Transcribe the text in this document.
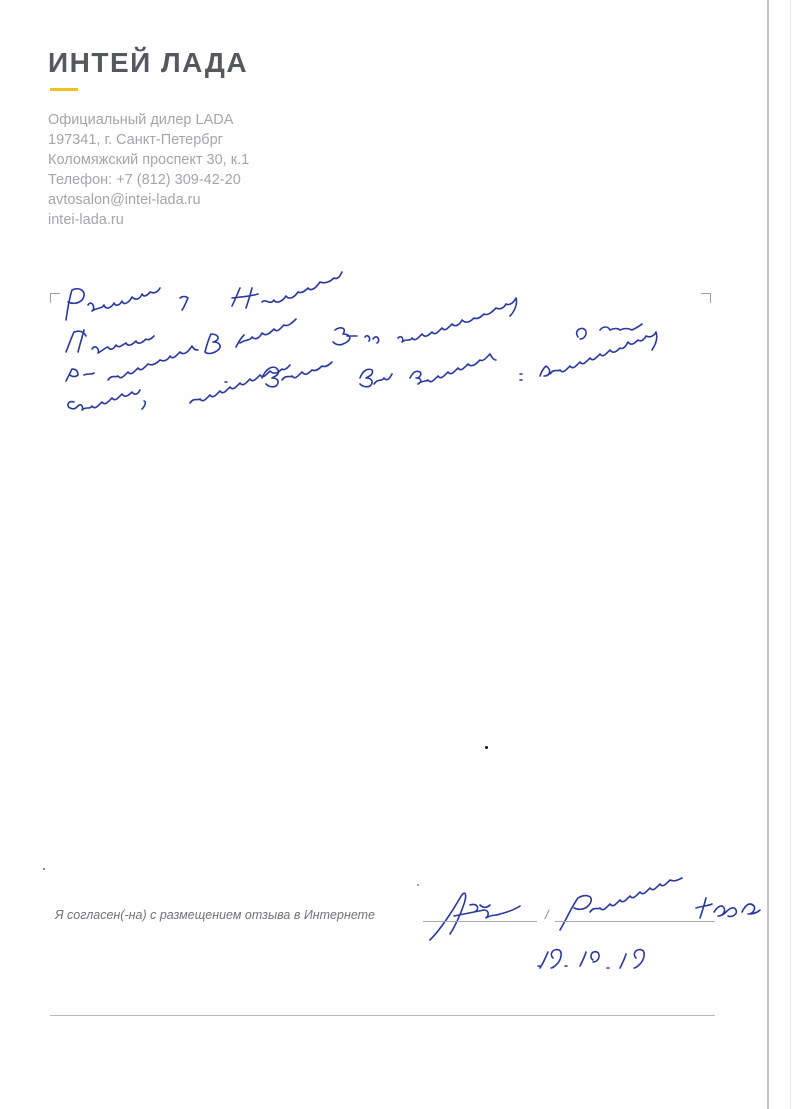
ИНТЕЙ ЛАДА
Официальный дилер LADA
197341, г. Санкт-Петербрг
Коломяжский проспект 30, к.1
Телефон: +7 (812) 309-42-20
avtosalon@intei-lada.ru
intei-lada.ru
Я согласен(-на) с размещением отзыва в Интернете	/
